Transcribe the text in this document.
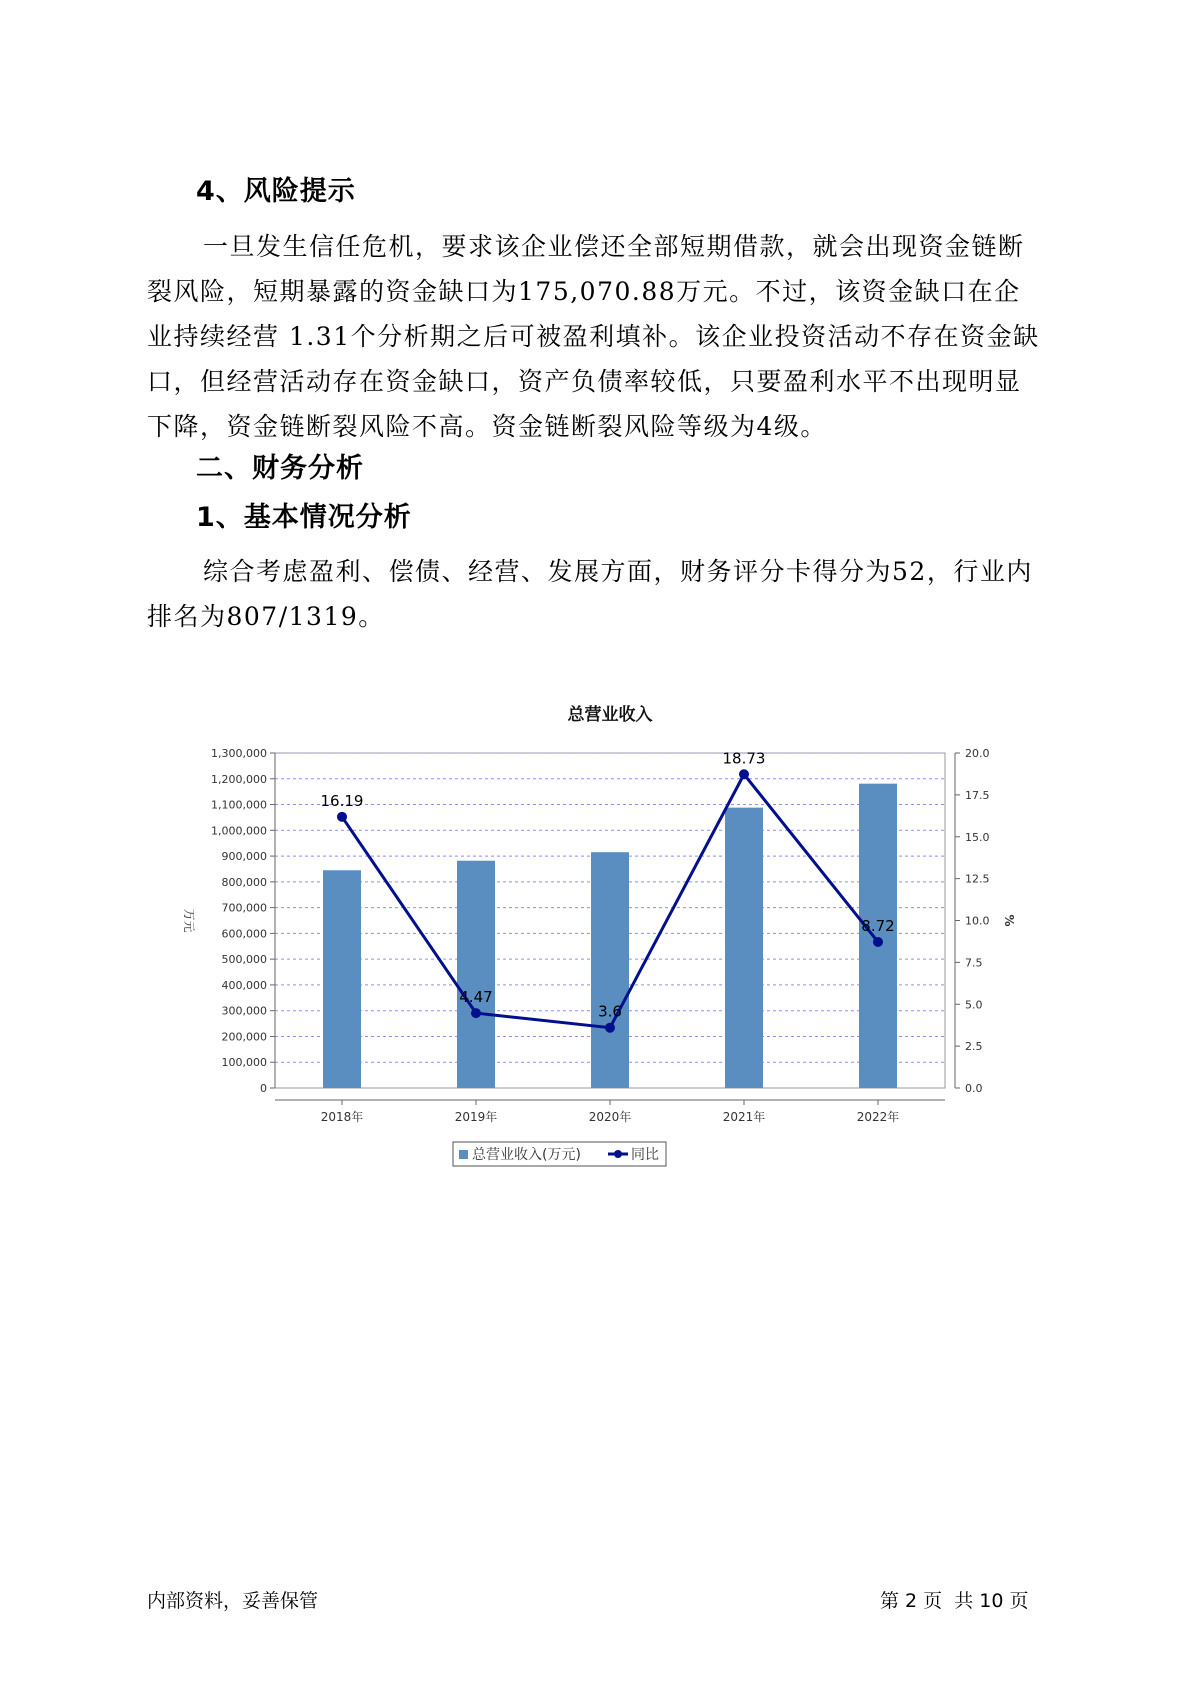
4、风险提示
一旦发生信任危机，要求该企业偿还全部短期借款，就会出现资金链断裂风险，短期暴露的资金缺口为175,070.88万元。不过，该资金缺口在企业持续经营 1.31个分析期之后可被盈利填补。该企业投资活动不存在资金缺口，但经营活动存在资金缺口，资产负债率较低，只要盈利水平不出现明显下降，资金链断裂风险不高。资金链断裂风险等级为4级。
二、财务分析
1、基本情况分析
综合考虑盈利、偿债、经营、发展方面，财务评分卡得分为52，行业内排名为807/1319。
总营业收入
0
100,000
200,000
300,000
400,000
500,000
600,000
700,000
800,000
900,000
1,000,000
1,100,000
1,200,000
1,300,000
0.0
2.5
5.0
7.5
10.0
12.5
15.0
17.5
20.0
万元	%
2018年	2019年	2020年	2021年	2022年
16.19
4.47
3.6
18.73
8.72
总营业收入(万元)	同比
内部资料，妥善保管	第 2 页  共 10 页
